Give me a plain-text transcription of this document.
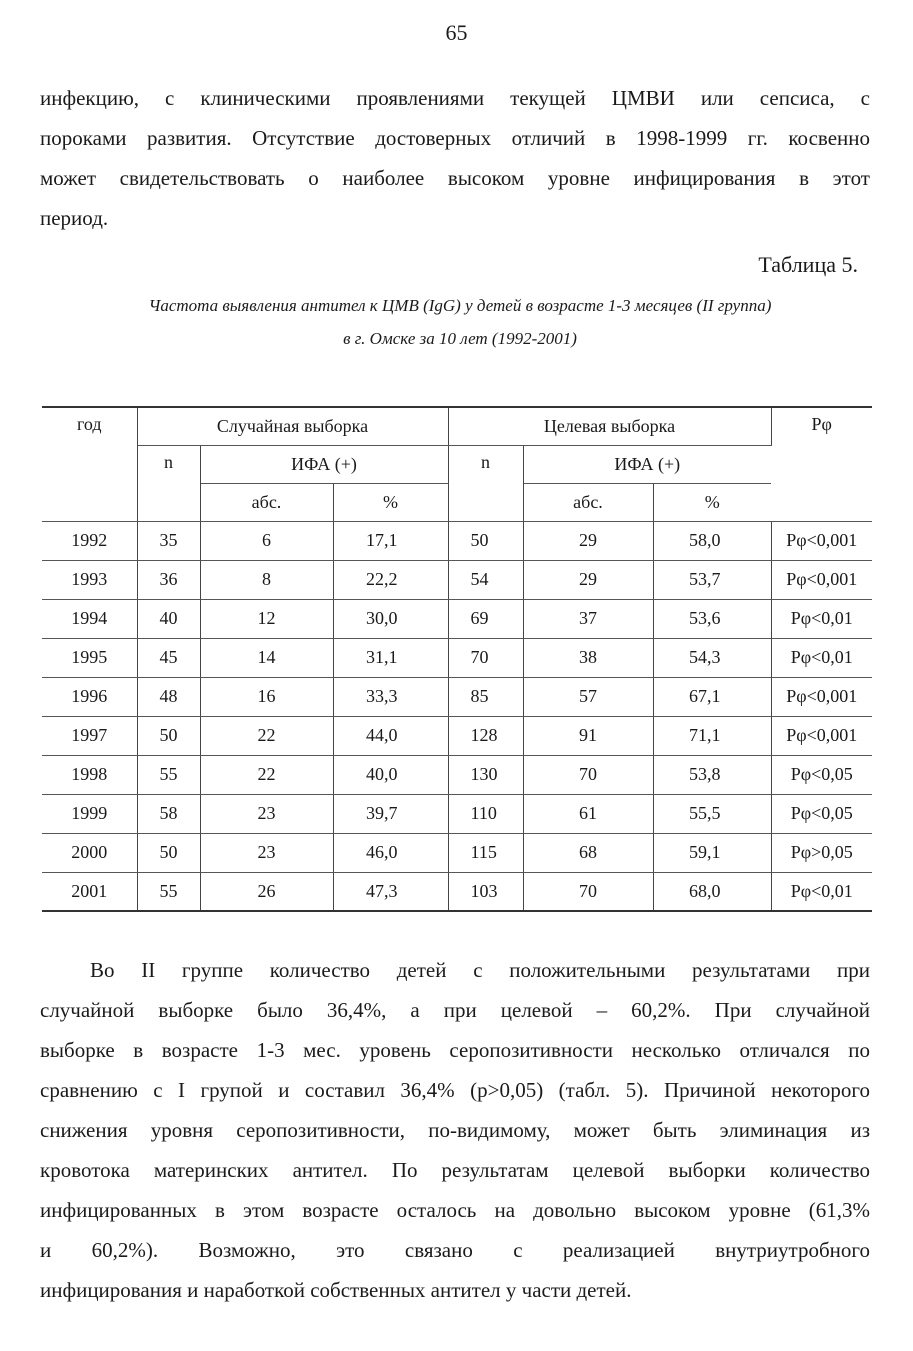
65

инфекцию, с клиническими проявлениями текущей ЦМВИ или сепсиса, с

пороками развития. Отсутствие достоверных отличий в 1998-1999 гг. косвенно

может свидетельствовать о наиболее высоком уровне инфицирования в этот

период.

Таблица 5.
Частота выявления антител к ЦМВ (IgG) у детей в возрасте 1-3 месяцев (II группа)
в г. Омске за 10 лет (1992-2001)
год	Случайная выборка			Целевая выборка			Рφ
	n	ИФА (+)		n	ИФА (+)		
		абс.	%		абс.	%	
1992	35	6	17,1	50	29	58,0	Рφ<0,001
1993	36	8	22,2	54	29	53,7	Рφ<0,001
1994	40	12	30,0	69	37	53,6	Рφ<0,01
1995	45	14	31,1	70	38	54,3	Рφ<0,01
1996	48	16	33,3	85	57	67,1	Рφ<0,001
1997	50	22	44,0	128	91	71,1	Рφ<0,001
1998	55	22	40,0	130	70	53,8	Рφ<0,05
1999	58	23	39,7	110	61	55,5	Рφ<0,05
2000	50	23	46,0	115	68	59,1	Рφ>0,05
2001	55	26	47,3	103	70	68,0	Рφ<0,01

Во II группе количество детей с положительными результатами при

случайной выборке было 36,4%, а при целевой – 60,2%. При случайной

выборке в возрасте 1-3 мес. уровень серопозитивности несколько отличался по

сравнению с I групой и составил 36,4% (р>0,05) (табл. 5). Причиной некоторого

снижения уровня серопозитивности, по-видимому, может быть элиминация из

кровотока материнских антител. По результатам целевой выборки количество

инфицированных в этом возрасте осталось на довольно высоком уровне (61,3%

и 60,2%). Возможно, это связано с реализацией внутриутробного

инфицирования и наработкой собственных антител у части детей.
